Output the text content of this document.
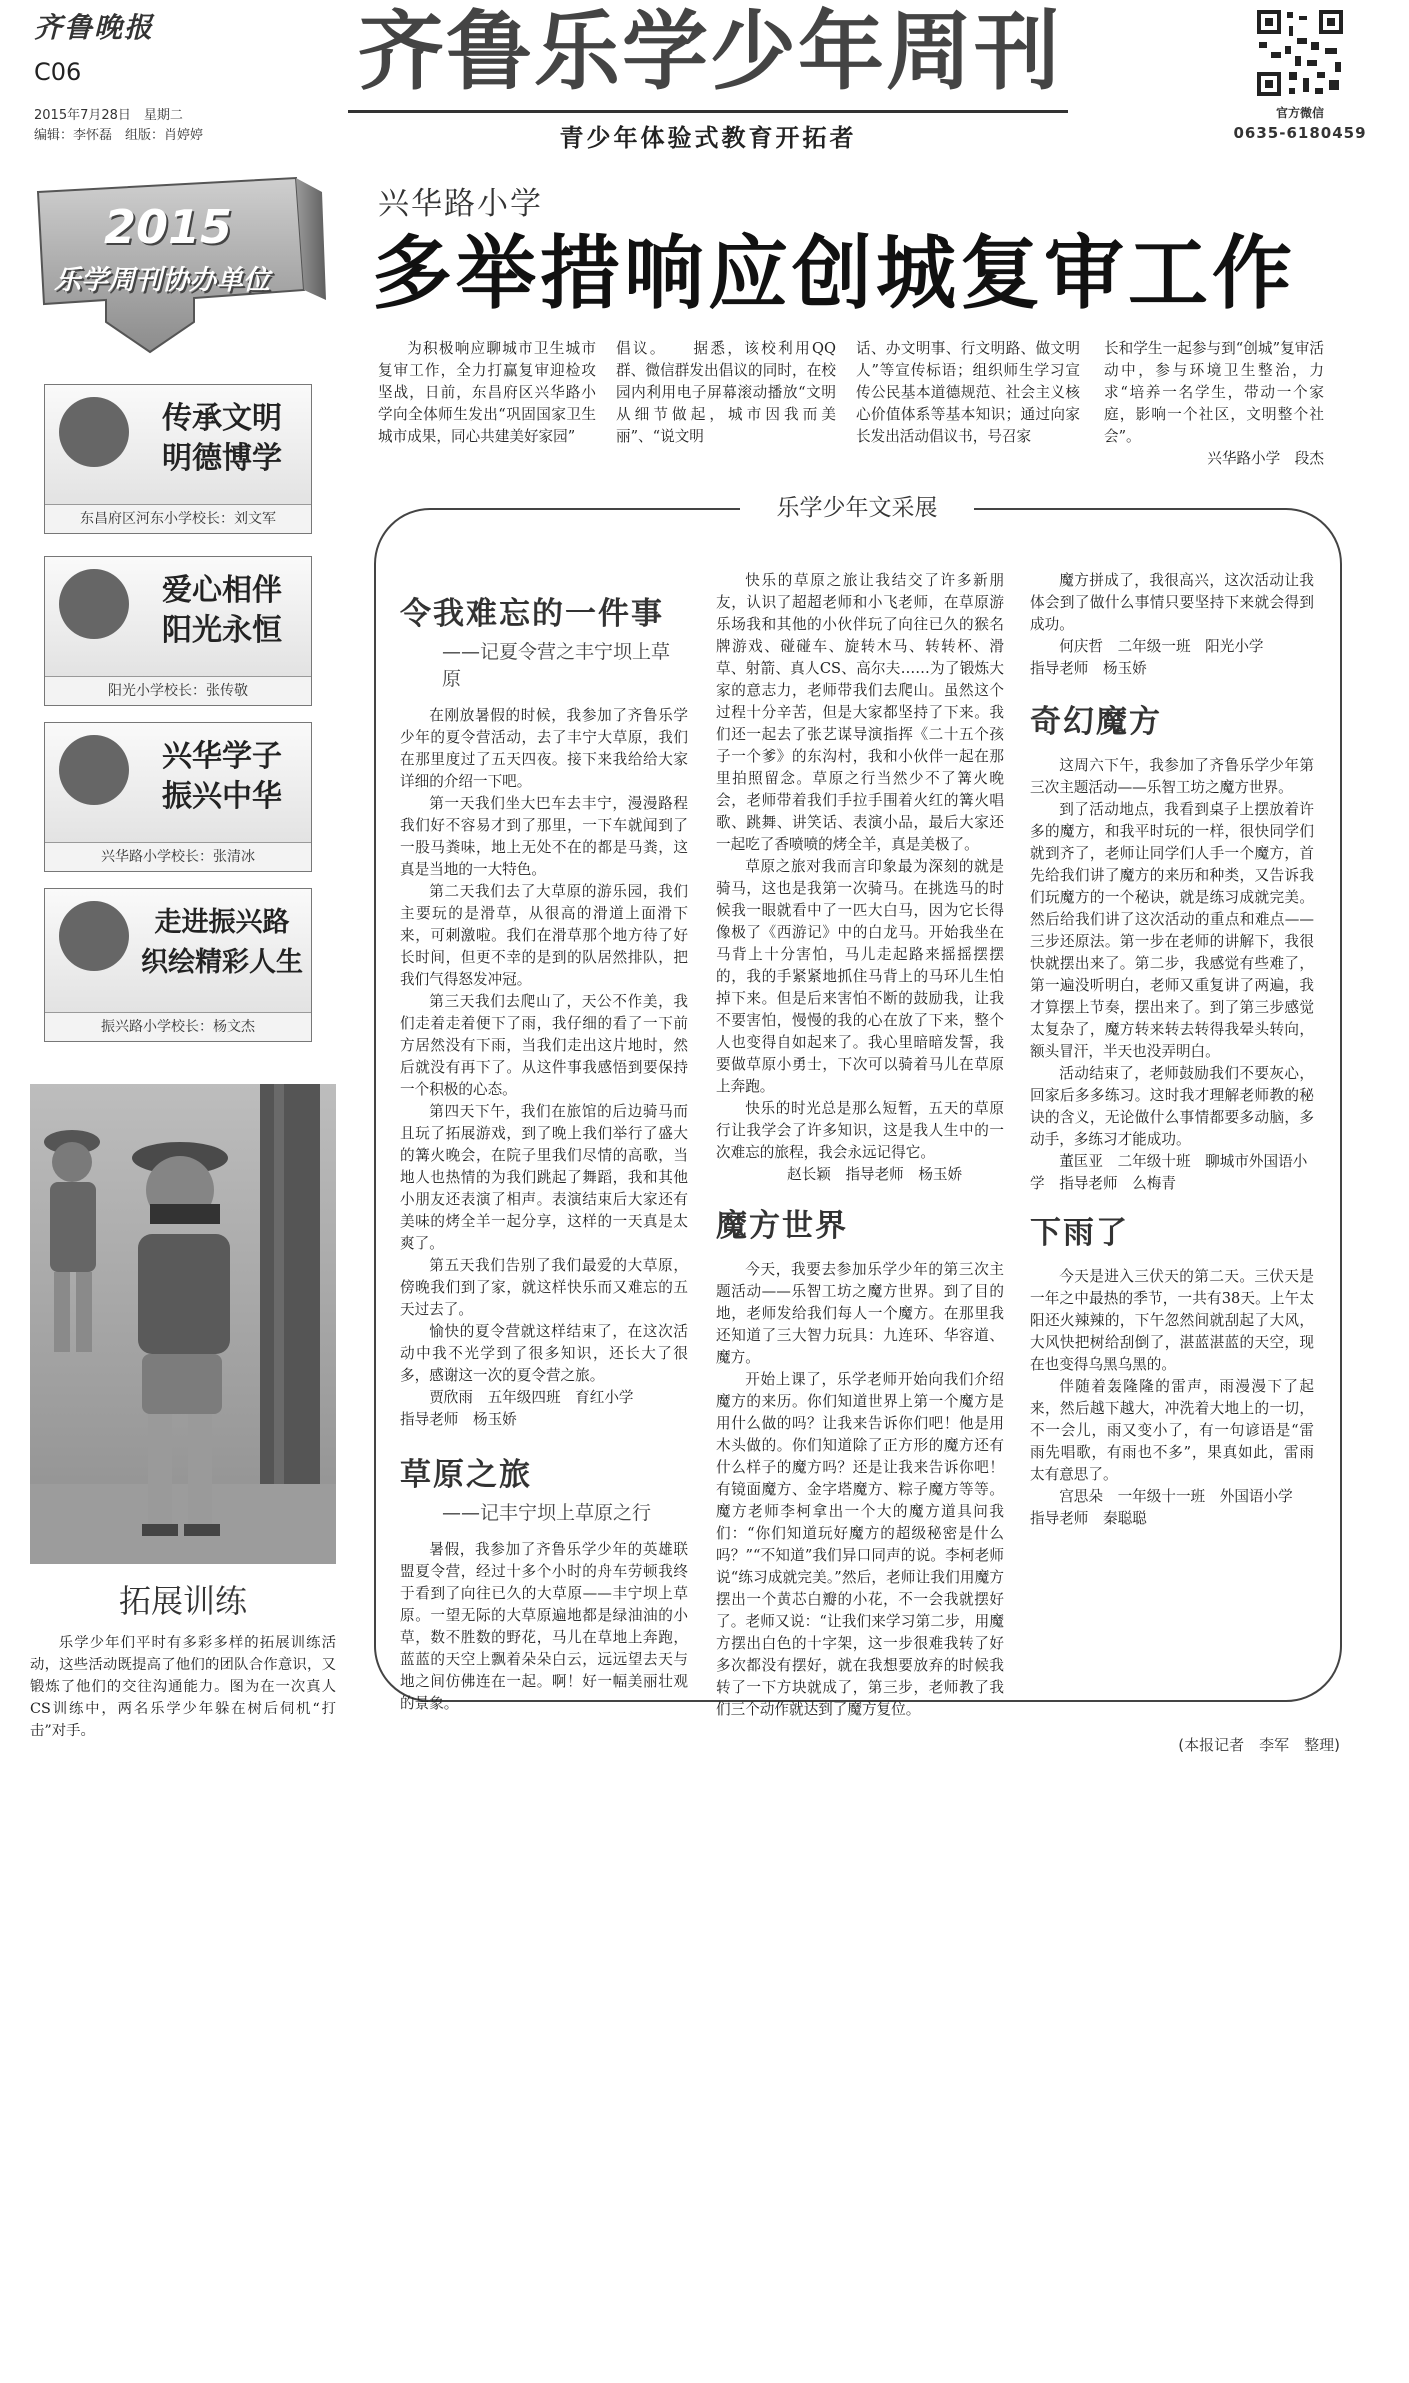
齐鲁晚报
C06
2015年7月28日　星期二
编辑：李怀磊　组版：肖婷婷
齐鲁乐学少年周刊
青少年体验式教育开拓者
官方微信
0635-6180459
2015
乐学周刊协办单位
传承文明
明德博学
东昌府区河东小学校长：刘文军
爱心相伴
阳光永恒
阳光小学校长：张传敬
兴华学子
振兴中华
兴华路小学校长：张清冰
走进振兴路
织绘精彩人生
振兴路小学校长：杨文杰
拓展训练

乐学少年们平时有多彩多样的拓展训练活动，这些活动既提高了他们的团队合作意识，又锻炼了他们的交往沟通能力。图为在一次真人CS训练中，两名乐学少年躲在树后伺机“打击”对手。

兴华路小学
多举措响应创城复审工作

为积极响应聊城市卫生城市复审工作，全力打赢复审迎检攻坚战，日前，东昌府区兴华路小学向全体师生发出“巩固国家卫生城市成果，同心共建美好家园”

倡议。　　据悉，该校利用QQ群、微信群发出倡议的同时，在校园内利用电子屏幕滚动播放“文明从细节做起，城市因我而美丽”、“说文明

话、办文明事、行文明路、做文明人”等宣传标语；组织师生学习宣传公民基本道德规范、社会主义核心价值体系等基本知识；通过向家长发出活动倡议书，号召家

长和学生一起参与到“创城”复审活动中，参与环境卫生整治，力求“培养一名学生，带动一个家庭，影响一个社区，文明整个社会”。

兴华路小学　段杰

乐学少年文采展
令我难忘的一件事
——记夏令营之丰宁坝上草原

在刚放暑假的时候，我参加了齐鲁乐学少年的夏令营活动，去了丰宁大草原，我们在那里度过了五天四夜。接下来我给给大家详细的介绍一下吧。

第一天我们坐大巴车去丰宁，漫漫路程我们好不容易才到了那里，一下车就闻到了一股马粪味，地上无处不在的都是马粪，这真是当地的一大特色。

第二天我们去了大草原的游乐园，我们主要玩的是滑草，从很高的滑道上面滑下来，可刺激啦。我们在滑草那个地方待了好长时间，但更不幸的是到的队居然排队，把我们气得怒发冲冠。

第三天我们去爬山了，天公不作美，我们走着走着便下了雨，我仔细的看了一下前方居然没有下雨，当我们走出这片地时，然后就没有再下了。从这件事我感悟到要保持一个积极的心态。

第四天下午，我们在旅馆的后边骑马而且玩了拓展游戏，到了晚上我们举行了盛大的篝火晚会，在院子里我们尽情的高歌，当地人也热情的为我们跳起了舞蹈，我和其他小朋友还表演了相声。表演结束后大家还有美味的烤全羊一起分享，这样的一天真是太爽了。

第五天我们告别了我们最爱的大草原，傍晚我们到了家，就这样快乐而又难忘的五天过去了。

愉快的夏令营就这样结束了，在这次活动中我不光学到了很多知识，还长大了很多，感谢这一次的夏令营之旅。

贾欣雨　五年级四班　育红小学

指导老师　杨玉娇

草原之旅
——记丰宁坝上草原之行

暑假，我参加了齐鲁乐学少年的英雄联盟夏令营，经过十多个小时的舟车劳顿我终于看到了向往已久的大草原——丰宁坝上草原。一望无际的大草原遍地都是绿油油的小草，数不胜数的野花，马儿在草地上奔跑，蓝蓝的天空上飘着朵朵白云，远远望去天与地之间仿佛连在一起。啊！好一幅美丽壮观的景象。

快乐的草原之旅让我结交了许多新朋友，认识了超超老师和小飞老师，在草原游乐场我和其他的小伙伴玩了向往已久的猴名牌游戏、碰碰车、旋转木马、转转杯、滑草、射箭、真人CS、高尔夫……为了锻炼大家的意志力，老师带我们去爬山。虽然这个过程十分辛苦，但是大家都坚持了下来。我们还一起去了张艺谋导演指挥《二十五个孩子一个爹》的东沟村，我和小伙伴一起在那里拍照留念。草原之行当然少不了篝火晚会，老师带着我们手拉手围着火红的篝火唱歌、跳舞、讲笑话、表演小品，最后大家还一起吃了香喷喷的烤全羊，真是美极了。

草原之旅对我而言印象最为深刻的就是骑马，这也是我第一次骑马。在挑选马的时候我一眼就看中了一匹大白马，因为它长得像极了《西游记》中的白龙马。开始我坐在马背上十分害怕，马儿走起路来摇摇摆摆的，我的手紧紧地抓住马背上的马环儿生怕掉下来。但是后来害怕不断的鼓励我，让我不要害怕，慢慢的我的心在放了下来，整个人也变得自如起来了。我心里暗暗发誓，我要做草原小勇士，下次可以骑着马儿在草原上奔跑。

快乐的时光总是那么短暂，五天的草原行让我学会了许多知识，这是我人生中的一次难忘的旅程，我会永远记得它。

赵长颖　指导老师　杨玉娇

魔方世界

今天，我要去参加乐学少年的第三次主题活动——乐智工坊之魔方世界。到了目的地，老师发给我们每人一个魔方。在那里我还知道了三大智力玩具：九连环、华容道、魔方。

开始上课了，乐学老师开始向我们介绍魔方的来历。你们知道世界上第一个魔方是用什么做的吗？让我来告诉你们吧！他是用木头做的。你们知道除了正方形的魔方还有什么样子的魔方吗？还是让我来告诉你吧！有镜面魔方、金字塔魔方、粽子魔方等等。魔方老师李柯拿出一个大的魔方道具问我们：“你们知道玩好魔方的超级秘密是什么吗？”“不知道”我们异口同声的说。李柯老师说“练习成就完美。”然后，老师让我们用魔方摆出一个黄芯白瓣的小花，不一会我就摆好了。老师又说：“让我们来学习第二步，用魔方摆出白色的十字架，这一步很难我转了好多次都没有摆好，就在我想要放弃的时候我转了一下方块就成了，第三步，老师教了我们三个动作就达到了魔方复位。

魔方拼成了，我很高兴，这次活动让我体会到了做什么事情只要坚持下来就会得到成功。

何庆哲　二年级一班　阳光小学

指导老师　杨玉娇

奇幻魔方

这周六下午，我参加了齐鲁乐学少年第三次主题活动——乐智工坊之魔方世界。

到了活动地点，我看到桌子上摆放着许多的魔方，和我平时玩的一样，很快同学们就到齐了，老师让同学们人手一个魔方，首先给我们讲了魔方的来历和种类，又告诉我们玩魔方的一个秘诀，就是练习成就完美。然后给我们讲了这次活动的重点和难点——三步还原法。第一步在老师的讲解下，我很快就摆出来了。第二步，我感觉有些难了，第一遍没听明白，老师又重复讲了两遍，我才算摆上节奏，摆出来了。到了第三步感觉太复杂了，魔方转来转去转得我晕头转向，额头冒汗，半天也没弄明白。

活动结束了，老师鼓励我们不要灰心，回家后多多练习。这时我才理解老师教的秘诀的含义，无论做什么事情都要多动脑，多动手，多练习才能成功。

董匡亚　二年级十班　聊城市外国语小学　指导老师　么梅青

下雨了

今天是进入三伏天的第二天。三伏天是一年之中最热的季节，一共有38天。上午太阳还火辣辣的，下午忽然间就刮起了大风，大风快把树给刮倒了，湛蓝湛蓝的天空，现在也变得乌黑乌黑的。

伴随着轰隆隆的雷声，雨漫漫下了起来，然后越下越大，冲洗着大地上的一切，不一会儿，雨又变小了，有一句谚语是“雷雨先唱歌，有雨也不多”，果真如此，雷雨太有意思了。

宫思朵　一年级十一班　外国语小学　指导老师　秦聪聪

(本报记者　李军　整理)
